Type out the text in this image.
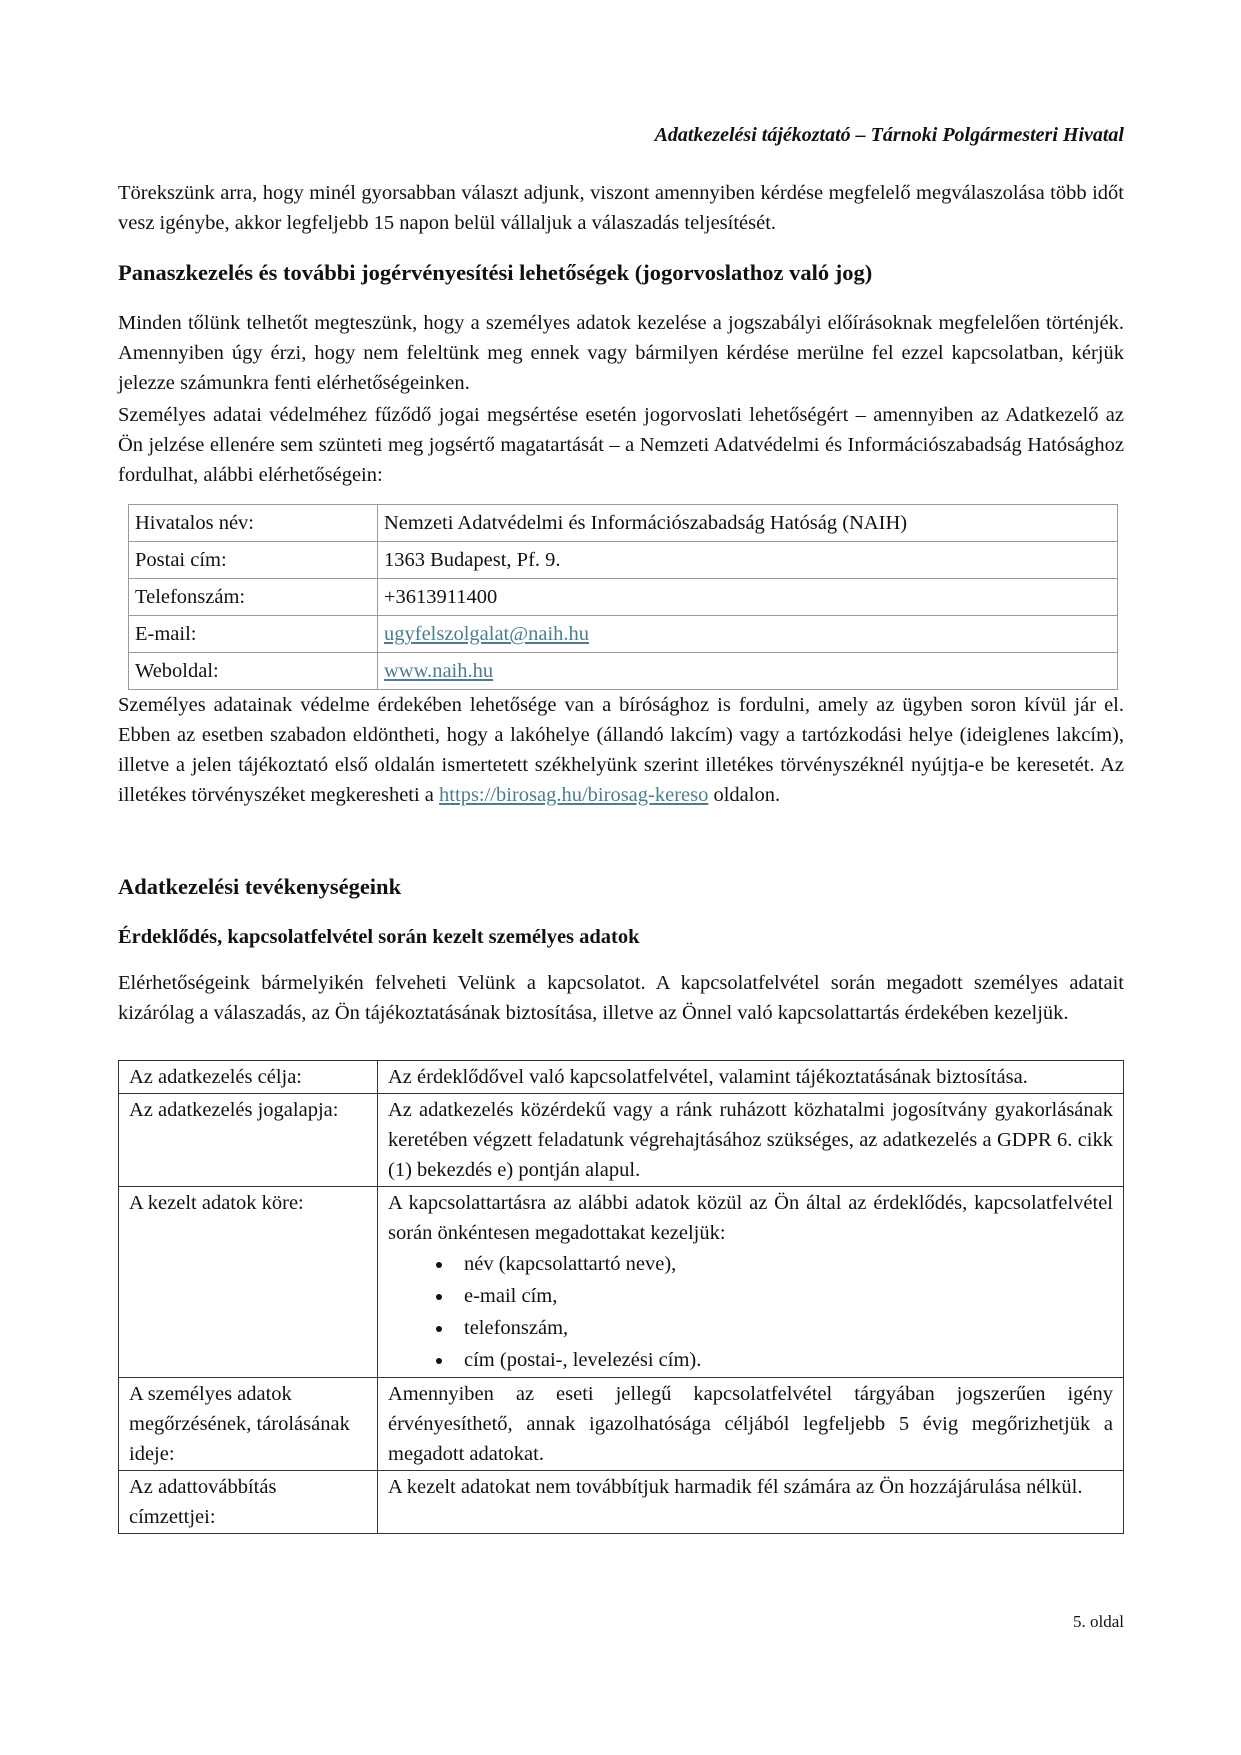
Adatkezelési tájékoztató – Tárnoki Polgármesteri Hivatal

Törekszünk arra, hogy minél gyorsabban választ adjunk, viszont amennyiben kérdése megfelelő megválaszolása több időt vesz igénybe, akkor legfeljebb 15 napon belül vállaljuk a válaszadás teljesítését.

Panaszkezelés és további jogérvényesítési lehetőségek (jogorvoslathoz való jog)

Minden tőlünk telhetőt megteszünk, hogy a személyes adatok kezelése a jogszabályi előírásoknak megfelelően történjék. Amennyiben úgy érzi, hogy nem feleltünk meg ennek vagy bármilyen kérdése merülne fel ezzel kapcsolatban, kérjük jelezze számunkra fenti elérhetőségeinken.

Személyes adatai védelméhez fűződő jogai megsértése esetén jogorvoslati lehetőségért – amennyiben az Adatkezelő az Ön jelzése ellenére sem szünteti meg jogsértő magatartását – a Nemzeti Adatvédelmi és Információszabadság Hatósághoz fordulhat, alábbi elérhetőségein:

Hivatalos név:	Nemzeti Adatvédelmi és Információszabadság Hatóság (NAIH)
Postai cím:	1363 Budapest, Pf. 9.
Telefonszám:	+3613911400
E-mail:	ugyfelszolgalat@naih.hu
Weboldal:	www.naih.hu

Személyes adatainak védelme érdekében lehetősége van a bírósághoz is fordulni, amely az ügyben soron kívül jár el. Ebben az esetben szabadon eldöntheti, hogy a lakóhelye (állandó lakcím) vagy a tartózkodási helye (ideiglenes lakcím), illetve a jelen tájékoztató első oldalán ismertetett székhelyünk szerint illetékes törvényszéknél nyújtja-e be keresetét. Az illetékes törvényszéket megkeresheti a https://birosag.hu/birosag-kereso oldalon.

Adatkezelési tevékenységeink
Érdeklődés, kapcsolatfelvétel során kezelt személyes adatok

Elérhetőségeink bármelyikén felveheti Velünk a kapcsolatot. A kapcsolatfelvétel során megadott személyes adatait kizárólag a válaszadás, az Ön tájékoztatásának biztosítása, illetve az Önnel való kapcsolattartás érdekében kezeljük.

Az adatkezelés célja:	Az érdeklődővel való kapcsolatfelvétel, valamint tájékoztatásának biztosítása.
Az adatkezelés jogalapja:	Az adatkezelés közérdekű vagy a ránk ruházott közhatalmi jogosítvány gyakorlásának keretében végzett feladatunk végrehajtásához szükséges, az adatkezelés a GDPR 6. cikk (1) bekezdés e) pontján alapul.
A kezelt adatok köre:	A kapcsolattartásra az alábbi adatok közül az Ön által az érdeklődés, kapcsolatfelvétel során önkéntesen megadottakat kezeljük:
• név (kapcsolattartó neve),
• e-mail cím,
• telefonszám,
• cím (postai-, levelezési cím).

A személyes adatok megőrzésének, tárolásának ideje:	Amennyiben az eseti jellegű kapcsolatfelvétel tárgyában jogszerűen igény érvényesíthető, annak igazolhatósága céljából legfeljebb 5 évig megőrizhetjük a megadott adatokat.
Az adattovábbítás címzettjei:	A kezelt adatokat nem továbbítjuk harmadik fél számára az Ön hozzájárulása nélkül.
5. oldal
